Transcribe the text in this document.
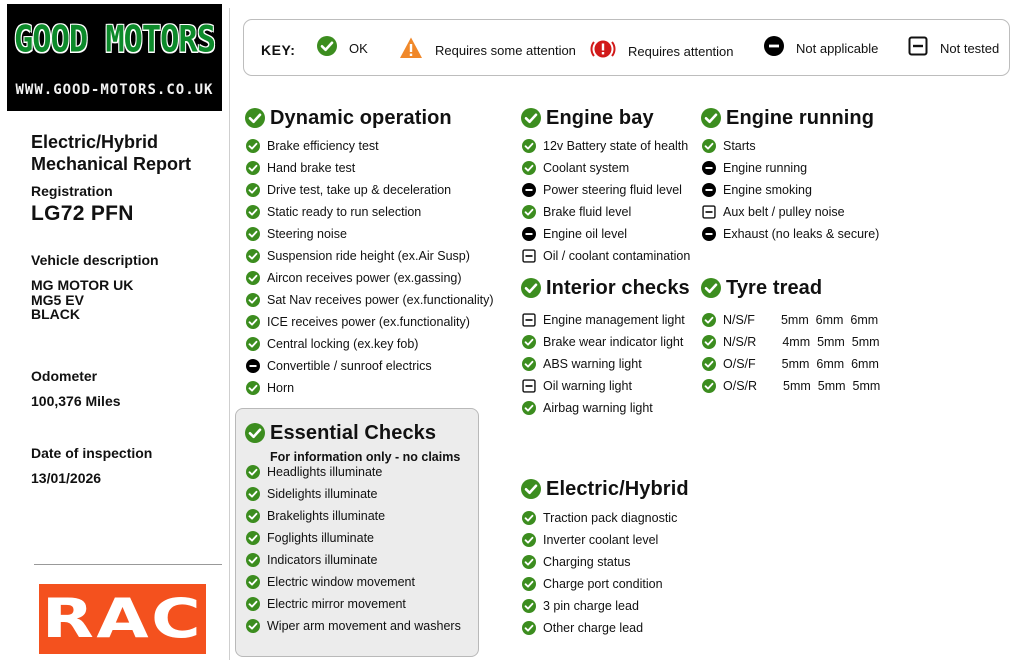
GOOD MOTORS
WWW.GOOD-MOTORS.CO.UK
Electric/Hybrid
Mechanical Report
Registration
LG72 PFN
Vehicle description
MG MOTOR UK
MG5 EV
BLACK
Odometer
100,376 Miles
Date of inspection
13/01/2026
RAC
KEY:	OK	Requires some attention	Requires attention	Not applicable	Not tested
Dynamic operation
Brake efficiency test
Hand brake test
Drive test, take up & deceleration
Static ready to run selection
Steering noise
Suspension ride height (ex.Air Susp)
Aircon receives power (ex.gassing)
Sat Nav receives power (ex.functionality)
ICE receives power (ex.functionality)
Central locking (ex.key fob)
Convertible / sunroof electrics
Horn
Essential Checks
For information only - no claims
Headlights illuminate
Sidelights illuminate
Brakelights illuminate
Foglights illuminate
Indicators illuminate
Electric window movement
Electric mirror movement
Wiper arm movement and washers
Engine bay
12v Battery state of health
Coolant system
Power steering fluid level
Brake fluid level
Engine oil level
Oil / coolant contamination
Interior checks
Engine management light
Brake wear indicator light
ABS warning light
Oil warning light
Airbag warning light
Electric/Hybrid
Traction pack diagnostic
Inverter coolant level
Charging status
Charge port condition
3 pin charge lead
Other charge lead
Engine running
Starts
Engine running
Engine smoking
Aux belt / pulley noise
Exhaust (no leaks & secure)
Tyre tread
N/S/F 5mm  6mm  6mm
N/S/R 4mm  5mm  5mm
O/S/F 5mm  6mm  6mm
O/S/R 5mm  5mm  5mm
